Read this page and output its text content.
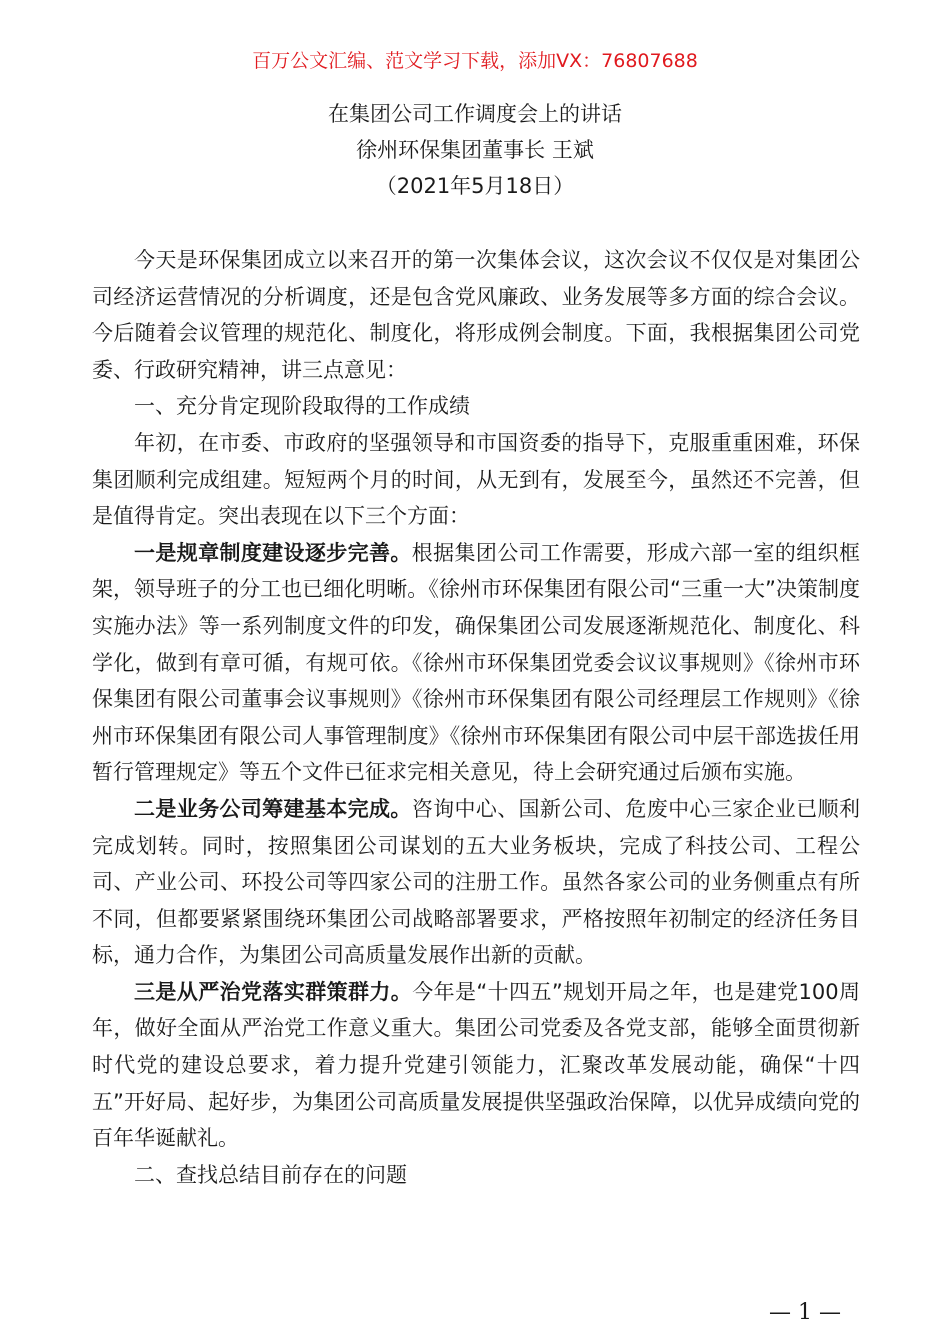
百万公文汇编、范文学习下载，添加VX：76807688
在集团公司工作调度会上的讲话
徐州环保集团董事长 王斌
（2021年5月18日）

今天是环保集团成立以来召开的第一次集体会议，这次会议不仅仅是对集团公司经济运营情况的分析调度，还是包含党风廉政、业务发展等多方面的综合会议。今后随着会议管理的规范化、制度化，将形成例会制度。下面，我根据集团公司党委、行政研究精神，讲三点意见：

一、充分肯定现阶段取得的工作成绩

年初，在市委、市政府的坚强领导和市国资委的指导下，克服重重困难，环保集团顺利完成组建。短短两个月的时间，从无到有，发展至今，虽然还不完善，但是值得肯定。突出表现在以下三个方面：

一是规章制度建设逐步完善。根据集团公司工作需要，形成六部一室的组织框架，领导班子的分工也已细化明晰。《徐州市环保集团有限公司“三重一大”决策制度实施办法》等一系列制度文件的印发，确保集团公司发展逐渐规范化、制度化、科学化，做到有章可循，有规可依。《徐州市环保集团党委会议议事规则》《徐州市环保集团有限公司董事会议事规则》《徐州市环保集团有限公司经理层工作规则》《徐州市环保集团有限公司人事管理制度》《徐州市环保集团有限公司中层干部选拔任用暂行管理规定》等五个文件已征求完相关意见，待上会研究通过后颁布实施。

二是业务公司筹建基本完成。咨询中心、国新公司、危废中心三家企业已顺利完成划转。同时，按照集团公司谋划的五大业务板块，完成了科技公司、工程公司、产业公司、环投公司等四家公司的注册工作。虽然各家公司的业务侧重点有所不同，但都要紧紧围绕环集团公司战略部署要求，严格按照年初制定的经济任务目标，通力合作，为集团公司高质量发展作出新的贡献。

三是从严治党落实群策群力。今年是“十四五”规划开局之年，也是建党100周年，做好全面从严治党工作意义重大。集团公司党委及各党支部，能够全面贯彻新时代党的建设总要求，着力提升党建引领能力，汇聚改革发展动能，确保“十四五”开好局、起好步，为集团公司高质量发展提供坚强政治保障，以优异成绩向党的百年华诞献礼。

二、查找总结目前存在的问题

— 1 —
